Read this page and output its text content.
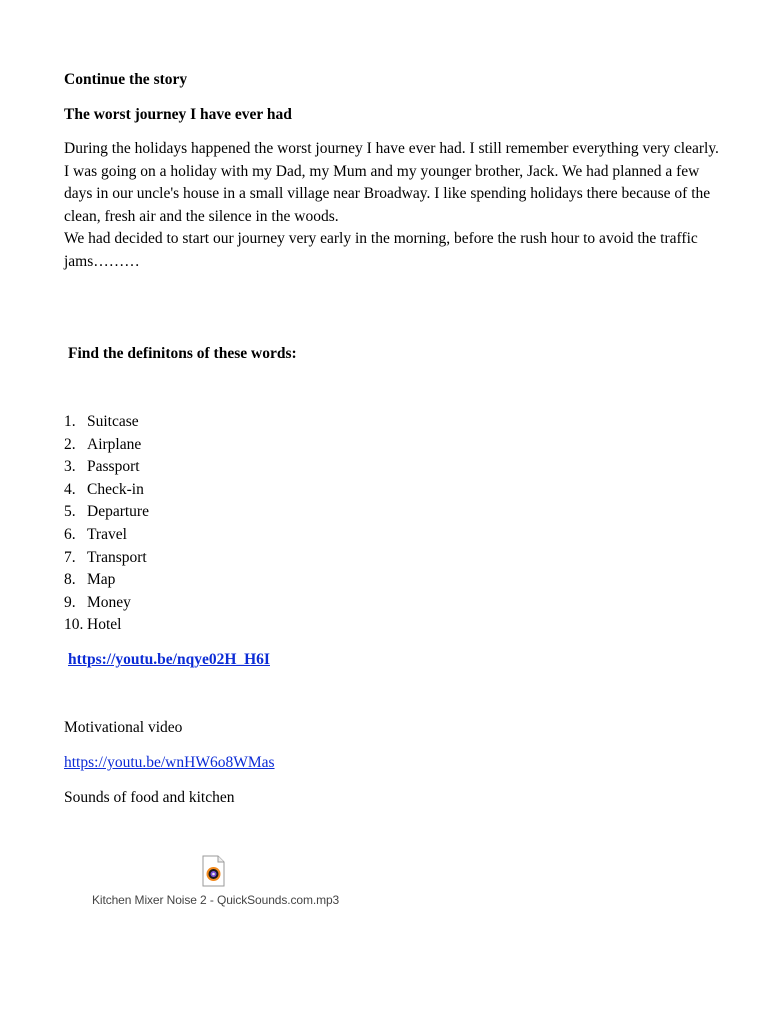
Continue the story

The worst journey I have ever had

During the holidays happened the worst journey I have ever had. I still remember everything very clearly. I was going on a holiday with my Dad, my Mum and my younger brother, Jack. We had planned a few days in our uncle's house in a small village near Broadway. I like spending holidays there because of the clean, fresh air and the silence in the woods.

We had decided to start our journey very early in the morning, before the rush hour to avoid the traffic jams………

Find the definitons of these words:

1. Suitcase
2. Airplane
3. Passport
4. Check-in
5. Departure
6. Travel
7. Transport
8. Map
9. Money
10. Hotel
https://youtu.be/nqye02H_H6I

Motivational video

https://youtu.be/wnHW6o8WMas

Sounds of food and kitchen

Kitchen Mixer Noise 2 - QuickSounds.com.mp3
